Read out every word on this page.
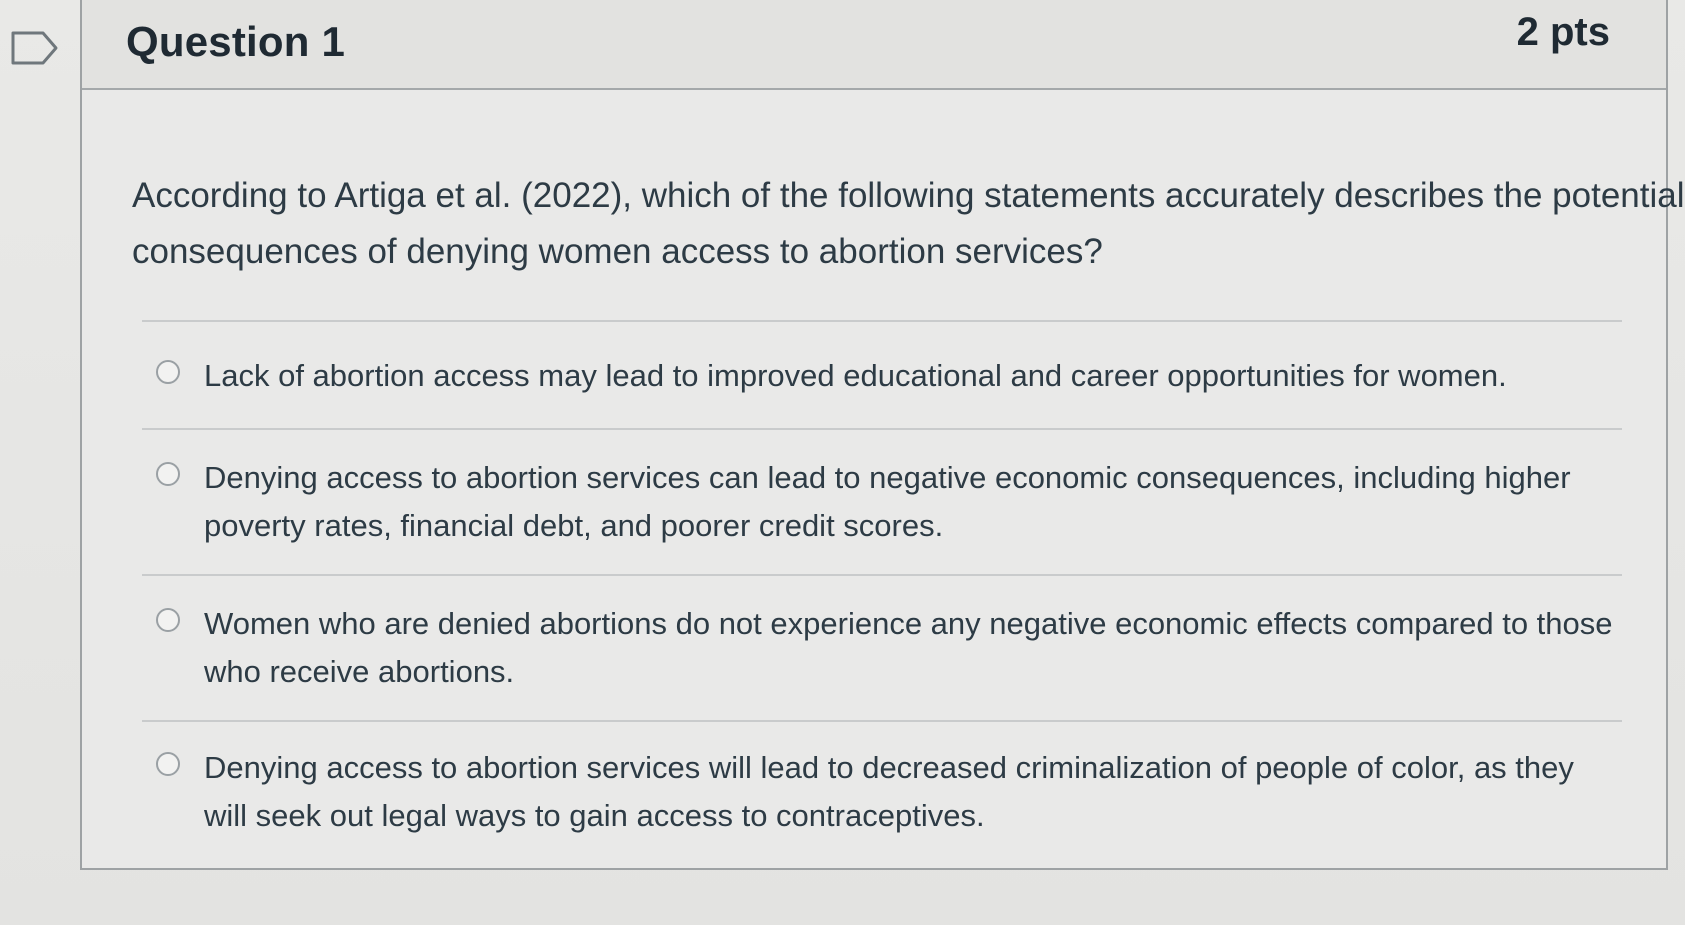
Question 1	2 pts
According to Artiga et al. (2022), which of the following statements accurately describes the potential consequences of denying women access to abortion services?
Lack of abortion access may lead to improved educational and career opportunities for women.
Denying access to abortion services can lead to negative economic consequences, including higher poverty rates, financial debt, and poorer credit scores.
Women who are denied abortions do not experience any negative economic effects compared to those who receive abortions.
Denying access to abortion services will lead to decreased criminalization of people of color, as they will seek out legal ways to gain access to contraceptives.
